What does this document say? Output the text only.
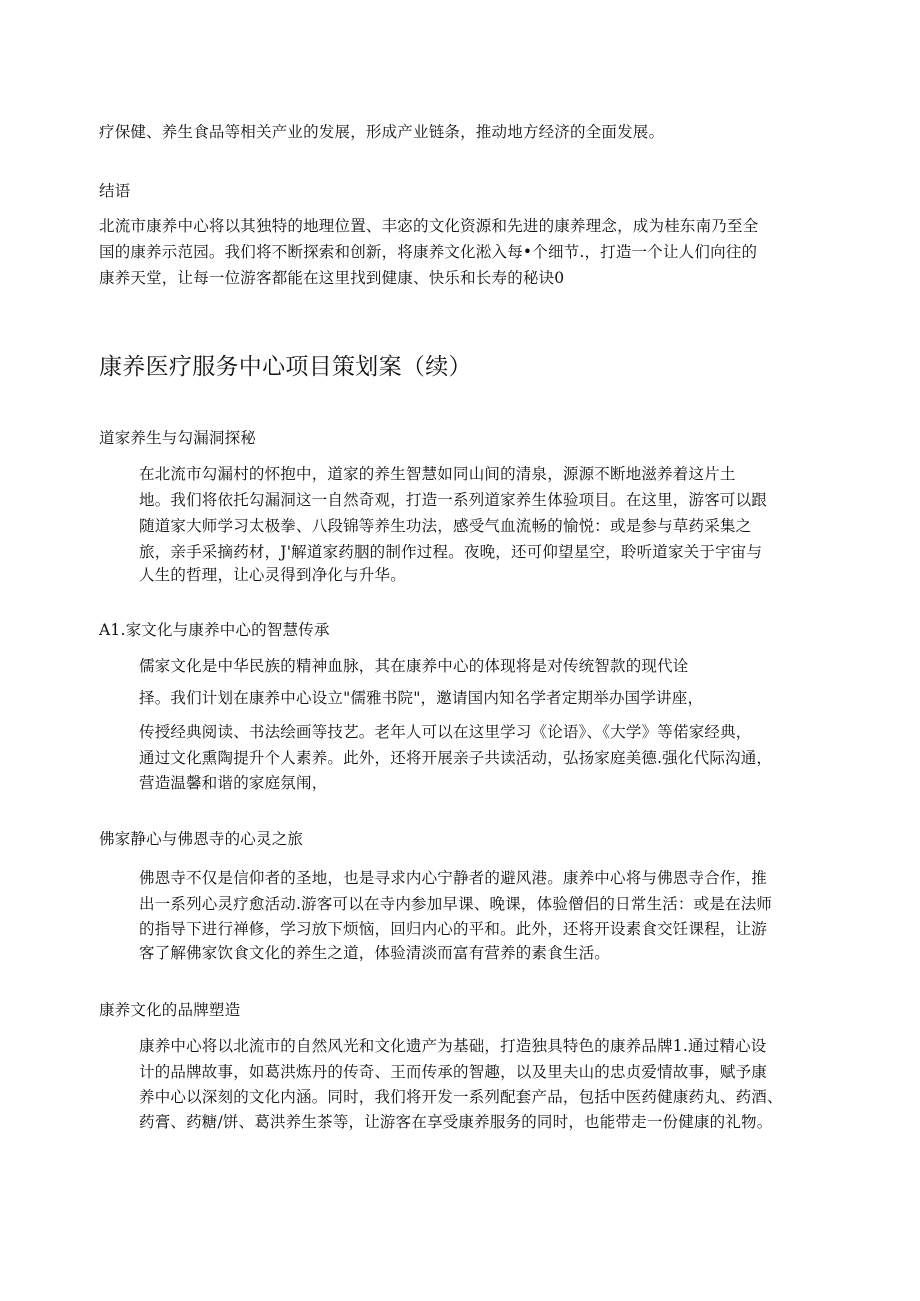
疗保健、养生食品等相关产业的发展，形成产业链条，推动地方经济的全面发展。
结语
北流市康养中心将以其独特的地理位置、丰宓的文化资源和先进的康养理念，成为桂东南乃至全
国的康养示范园。我们将不断探索和创新，将康养文化淞入每•个细节.，打造一个让人们向往的
康养天堂，让每一位游客都能在这里找到健康、快乐和长寿的秘诀0
康养医疗服务中心项目策划案（续）
道家养生与勾漏洞探秘
在北流市勾漏村的怀抱中，道家的养生智慧如同山间的清泉，源源不断地滋养着这片土
地。我们将依托勾漏洞这一自然奇观，打造一系列道家养生体验项目。在这里，游客可以跟
随道家大师学习太极拳、八段锦等养生功法，感受气血流畅的愉悦：或是参与草药采集之
旅，亲手采摘药材，J'解道家药胭的制作过程。夜晚，还可仰望星空，聆听道家关于宇宙与
人生的哲理，让心灵得到净化与升华。
A1.家文化与康养中心的智慧传承
儒家文化是中华民族的精神血脉，其在康养中心的体现将是对传统智款的现代诠
择。我们计划在康养中心设立"儒雅书院"，邀请国内知名学者定期举办国学讲座，
传授经典阅读、书法绘画等技艺。老年人可以在这里学习《论语》、《大学》等偌家经典，
通过文化熏陶提升个人素养。此外，还将开展亲子共读活动，弘扬家庭美德.强化代际沟通，
营造温馨和谐的家庭氛闱，
佛家静心与佛恩寺的心灵之旅
佛恩寺不仅是信仰者的圣地，也是寻求内心宁静者的避风港。康养中心将与佛恩寺合作，推
出一系列心灵疗愈活动.游客可以在寺内参加早课、晚课，体验僧侣的日常生活：或是在法师
的指导下进行禅修，学习放下烦恼，回归内心的平和。此外，还将开设素食交饪课程，让游
客了解佛家饮食文化的养生之道，体验清淡而富有营养的素食生活。
康养文化的品牌塑造
康养中心将以北流市的自然风光和文化遗产为基础，打造独具特色的康养品牌1.通过精心设
计的品牌故事，如葛洪炼丹的传奇、王而传承的智趣，以及里夫山的忠贞爱情故事，赋予康
养中心以深刻的文化内涵。同时，我们将开发一系列配套产品，包括中医药健康药丸、药酒、
药膏、药糖/饼、葛洪养生茶等，让游客在享受康养服务的同时，也能带走一份健康的礼物。
